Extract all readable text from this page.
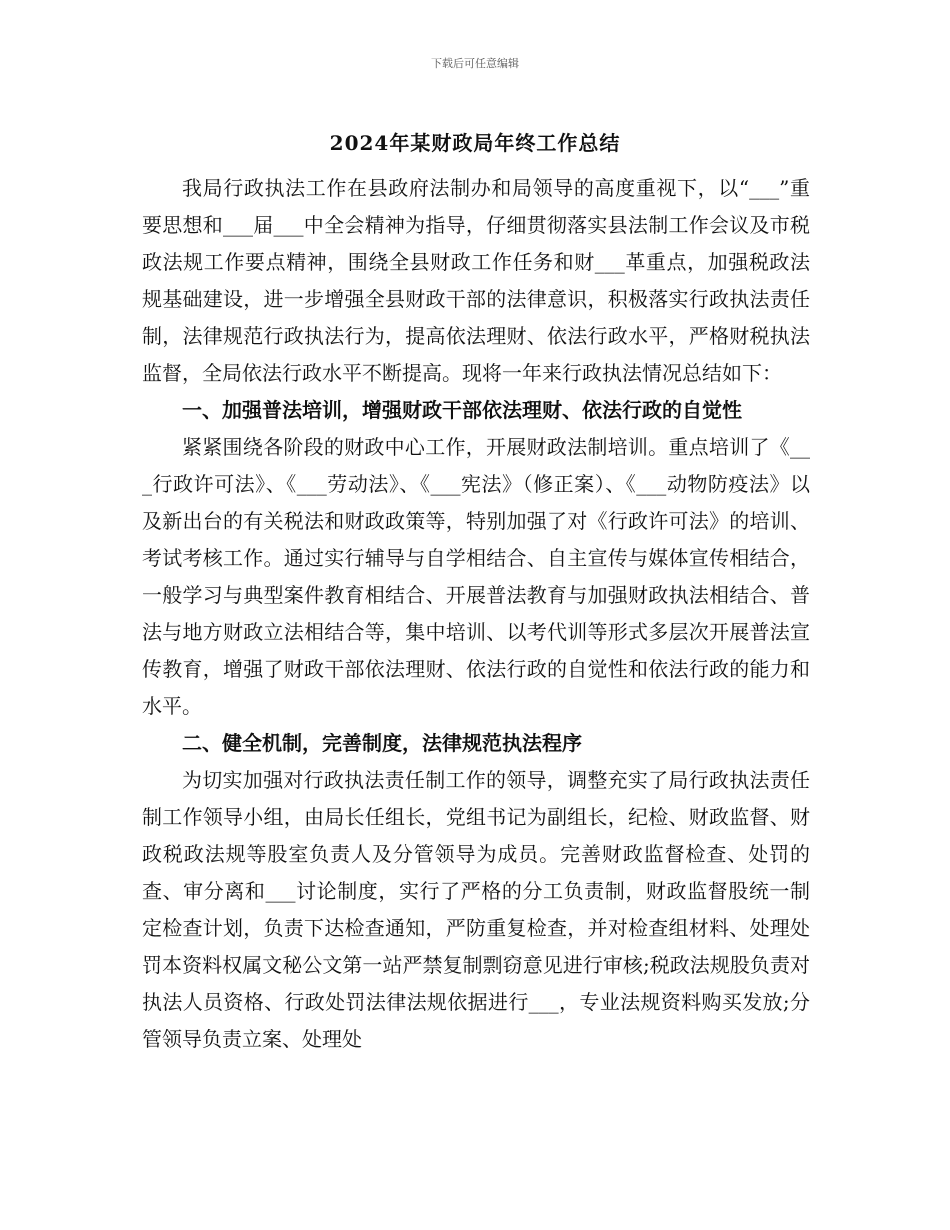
下载后可任意编辑
2024年某财政局年终工作总结

我局行政执法工作在县政府法制办和局领导的高度重视下，以“___”重要思想和___届___中全会精神为指导，仔细贯彻落实县法制工作会议及市税政法规工作要点精神，围绕全县财政工作任务和财___革重点，加强税政法规基础建设，进一步增强全县财政干部的法律意识，积极落实行政执法责任制，法律规范行政执法行为，提高依法理财、依法行政水平，严格财税执法监督，全局依法行政水平不断提高。现将一年来行政执法情况总结如下：

一、加强普法培训，增强财政干部依法理财、依法行政的自觉性

紧紧围绕各阶段的财政中心工作，开展财政法制培训。重点培训了《___行政许可法》、《___劳动法》、《___宪法》（修正案）、《___动物防疫法》以及新出台的有关税法和财政政策等，特别加强了对《行政许可法》的培训、考试考核工作。通过实行辅导与自学相结合、自主宣传与媒体宣传相结合，一般学习与典型案件教育相结合、开展普法教育与加强财政执法相结合、普法与地方财政立法相结合等，集中培训、以考代训等形式多层次开展普法宣传教育，增强了财政干部依法理财、依法行政的自觉性和依法行政的能力和水平。

二、健全机制，完善制度，法律规范执法程序

为切实加强对行政执法责任制工作的领导，调整充实了局行政执法责任制工作领导小组，由局长任组长，党组书记为副组长，纪检、财政监督、财政税政法规等股室负责人及分管领导为成员。完善财政监督检查、处罚的查、审分离和___讨论制度，实行了严格的分工负责制，财政监督股统一制定检查计划，负责下达检查通知，严防重复检查，并对检查组材料、处理处罚本资料权属文秘公文第一站严禁复制剽窃意见进行审核;税政法规股负责对执法人员资格、行政处罚法律法规依据进行___，专业法规资料购买发放;分管领导负责立案、处理处
